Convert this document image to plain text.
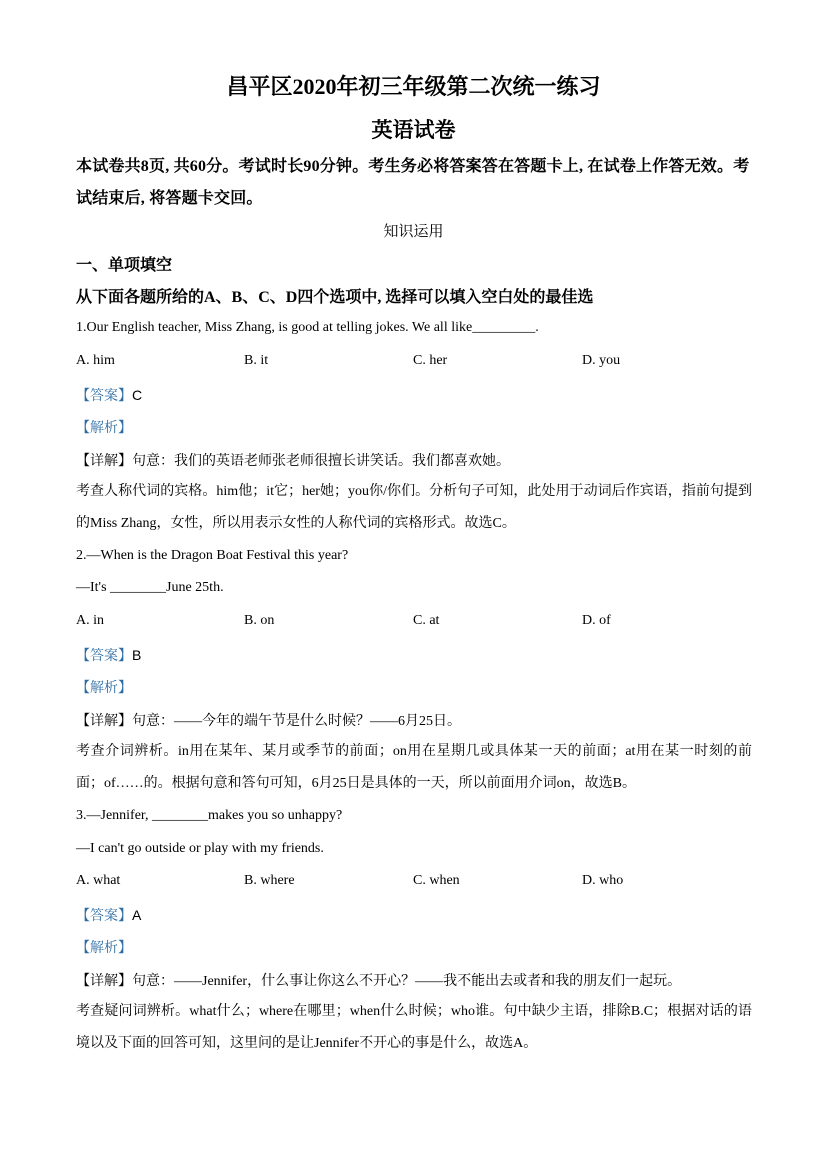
昌平区2020年初三年级第二次统一练习
英语试卷
本试卷共8页, 共60分。考试时长90分钟。考生务必将答案答在答题卡上, 在试卷上作答无效。考试结束后, 将答题卡交回。
知识运用
一、单项填空
从下面各题所给的A、B、C、D四个选项中, 选择可以填入空白处的最佳选
1.Our English teacher, Miss Zhang, is good at telling jokes. We all like_________.
A. him	B. it	C. her	D. you
【答案】C
【解析】
【详解】句意：我们的英语老师张老师很擅长讲笑话。我们都喜欢她。
考查人称代词的宾格。him他；it它；her她；you你/你们。分析句子可知，此处用于动词后作宾语，指前句提到的Miss Zhang，女性，所以用表示女性的人称代词的宾格形式。故选C。
2.—When is the Dragon Boat Festival this year?
—It's ________June 25th.
A. in	B. on	C. at	D. of
【答案】B
【解析】
【详解】句意：——今年的端午节是什么时候？——6月25日。
考查介词辨析。in用在某年、某月或季节的前面；on用在星期几或具体某一天的前面；at用在某一时刻的前面；of……的。根据句意和答句可知，6月25日是具体的一天，所以前面用介词on，故选B。
3.—Jennifer, ________makes you so unhappy?
—I can't go outside or play with my friends.
A. what	B. where	C. when	D. who
【答案】A
【解析】
【详解】句意：——Jennifer，什么事让你这么不开心？——我不能出去或者和我的朋友们一起玩。
考查疑问词辨析。what什么；where在哪里；when什么时候；who谁。句中缺少主语，排除B.C；根据对话的语境以及下面的回答可知，这里问的是让Jennifer不开心的事是什么，故选A。
